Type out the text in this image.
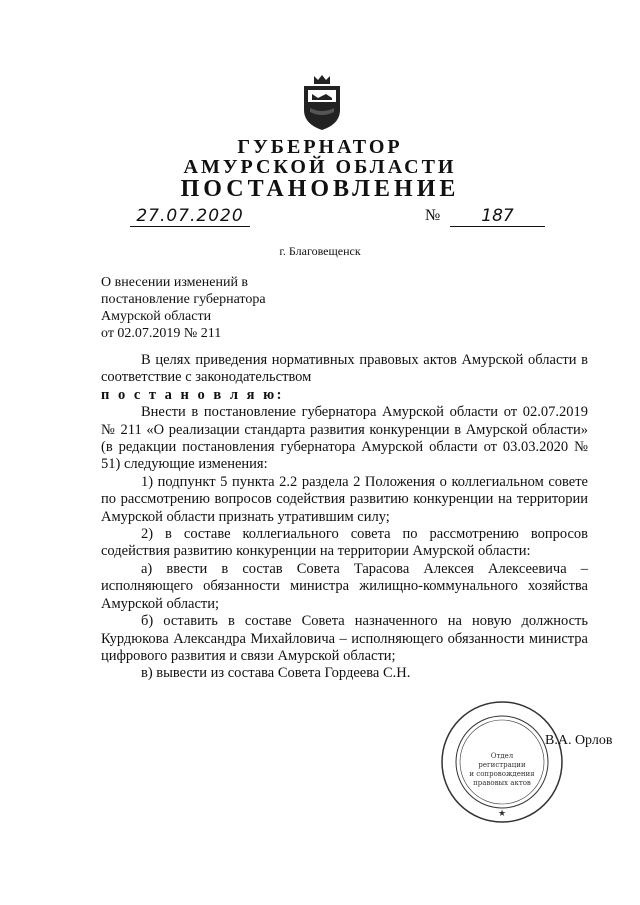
ГУБЕРНАТОР
АМУРСКОЙ ОБЛАСТИ
ПОСТАНОВЛЕНИЕ
27.07.2020	№	187
г. Благовещенск
О внесении изменений в
постановление губернатора
Амурской области
от 02.07.2019 № 211

В целях приведения нормативных правовых актов Амурской области в соответствие с законодательством

п о с т а н о в л я ю:

Внести в постановление губернатора Амурской области от 02.07.2019 № 211 «О реализации стандарта развития конкуренции в Амурской области» (в редакции постановления губернатора Амурской области от 03.03.2020 № 51) следующие изменения:

1) подпункт 5 пункта 2.2 раздела 2 Положения о коллегиальном совете по рассмотрению вопросов содействия развитию конкуренции на территории Амурской области признать утратившим силу;

2) в составе коллегиального совета по рассмотрению вопросов содействия развитию конкуренции на территории Амурской области:

а) ввести в состав Совета Тарасова Алексея Алексеевича – исполняющего обязанности министра жилищно-коммунального хозяйства Амурской области;

б) оставить в составе Совета назначенного на новую должность Курдюкова Александра Михайловича – исполняющего обязанности министра цифрового развития и связи Амурской области;

в) вывести из состава Совета Гордеева С.Н.

Отдел
регистрации
и сопровождения
правовых актов
★
В.А. Орлов
